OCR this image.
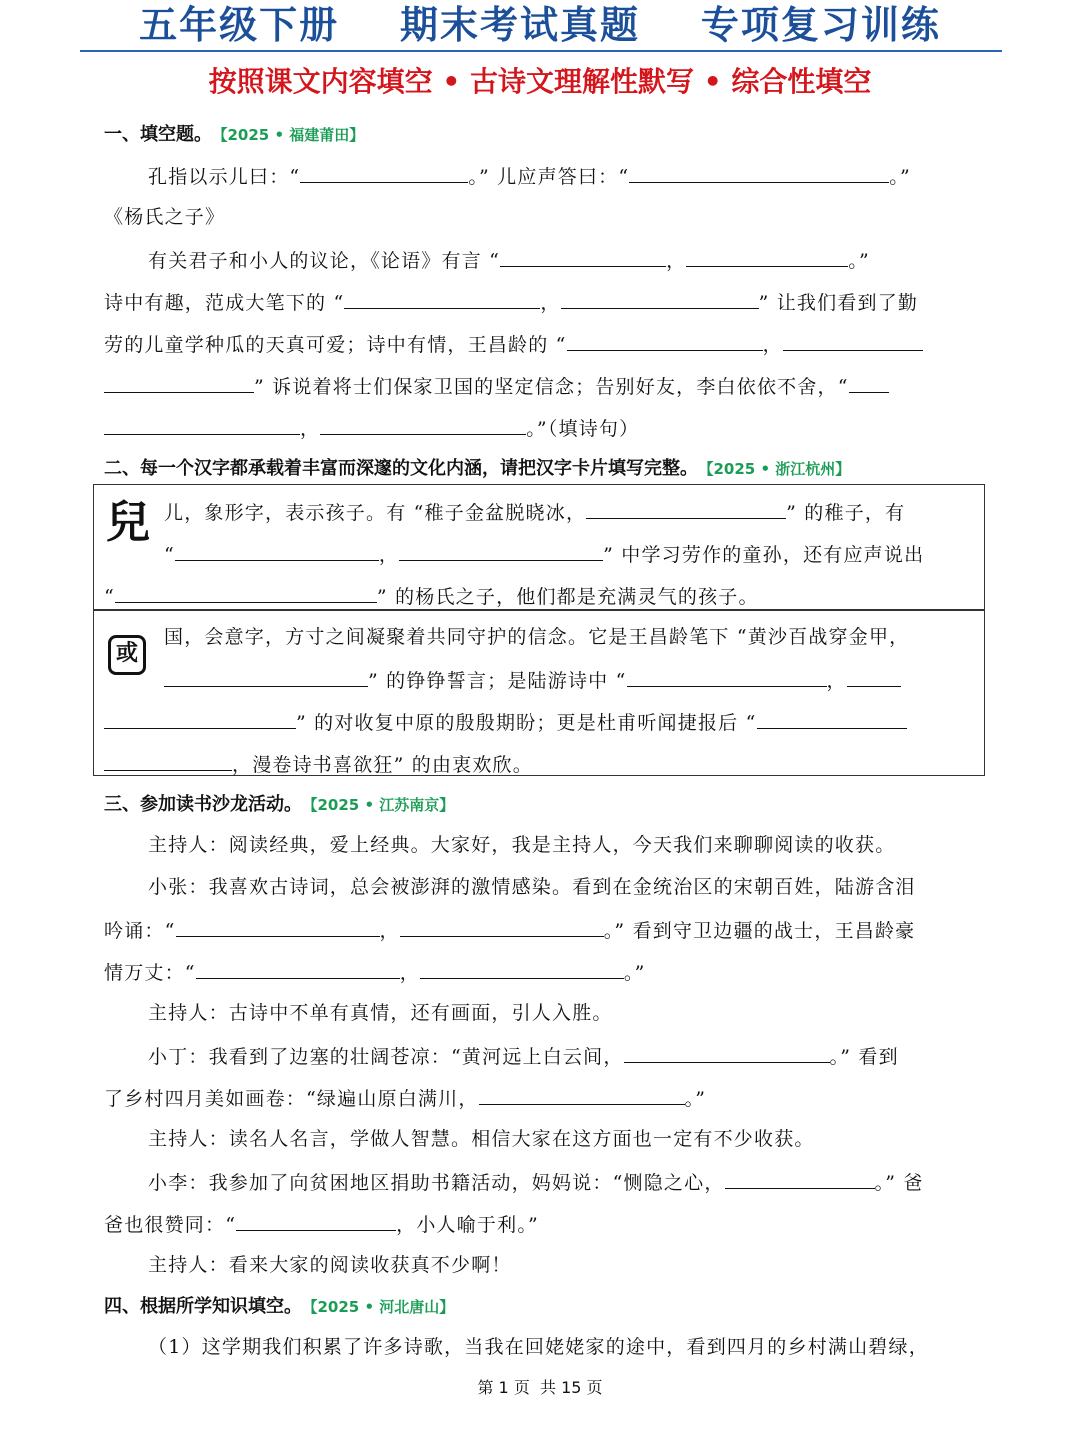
五年级下册    期末考试真题    专项复习训练
按照课文内容填空 • 古诗文理解性默写 • 综合性填空
一、填空题。 【2025 • 福建莆田】
孔指以示儿曰：“	。” 儿应声答曰：“	。”
《杨氏之子》
有关君子和小人的议论，《论语》有言 “	，	。”
诗中有趣，范成大笔下的 “	，	” 让我们看到了勤
劳的儿童学种瓜的天真可爱；诗中有情，王昌龄的 “	，
” 诉说着将士们保家卫国的坚定信念；告别好友，李白依依不舍，“
，	。”（填诗句）
二、每一个汉字都承载着丰富而深邃的文化内涵，请把汉字卡片填写完整。 【2025 • 浙江杭州】
兒 儿，象形字，表示孩子。有 “稚子金盆脱晓冰，	” 的稚子，有
“	，	” 中学习劳作的童孙，还有应声说出
“	” 的杨氏之子，他们都是充满灵气的孩子。
或
国，会意字，方寸之间凝聚着共同守护的信念。它是王昌龄笔下 “黄沙百战穿金甲，
” 的铮铮誓言；是陆游诗中 “	，
” 的对收复中原的殷殷期盼；更是杜甫听闻捷报后 “
，漫卷诗书喜欲狂” 的由衷欢欣。
三、参加读书沙龙活动。 【2025 • 江苏南京】
主持人：阅读经典，爱上经典。大家好，我是主持人，今天我们来聊聊阅读的收获。
小张：我喜欢古诗词，总会被澎湃的激情感染。看到在金统治区的宋朝百姓，陆游含泪
吟诵：“	，	。” 看到守卫边疆的战士，王昌龄豪
情万丈：“	，	。”
主持人：古诗中不单有真情，还有画面，引人入胜。
小丁：我看到了边塞的壮阔苍凉：“黄河远上白云间，	。” 看到
了乡村四月美如画卷：“绿遍山原白满川，	。”
主持人：读名人名言，学做人智慧。相信大家在这方面也一定有不少收获。
小李：我参加了向贫困地区捐助书籍活动，妈妈说：“恻隐之心，	。” 爸
爸也很赞同：“	，小人喻于利。”
主持人：看来大家的阅读收获真不少啊！
四、根据所学知识填空。 【2025 • 河北唐山】
（1）这学期我们积累了许多诗歌，当我在回姥姥家的途中，看到四月的乡村满山碧绿，
第 1 页  共 15 页
